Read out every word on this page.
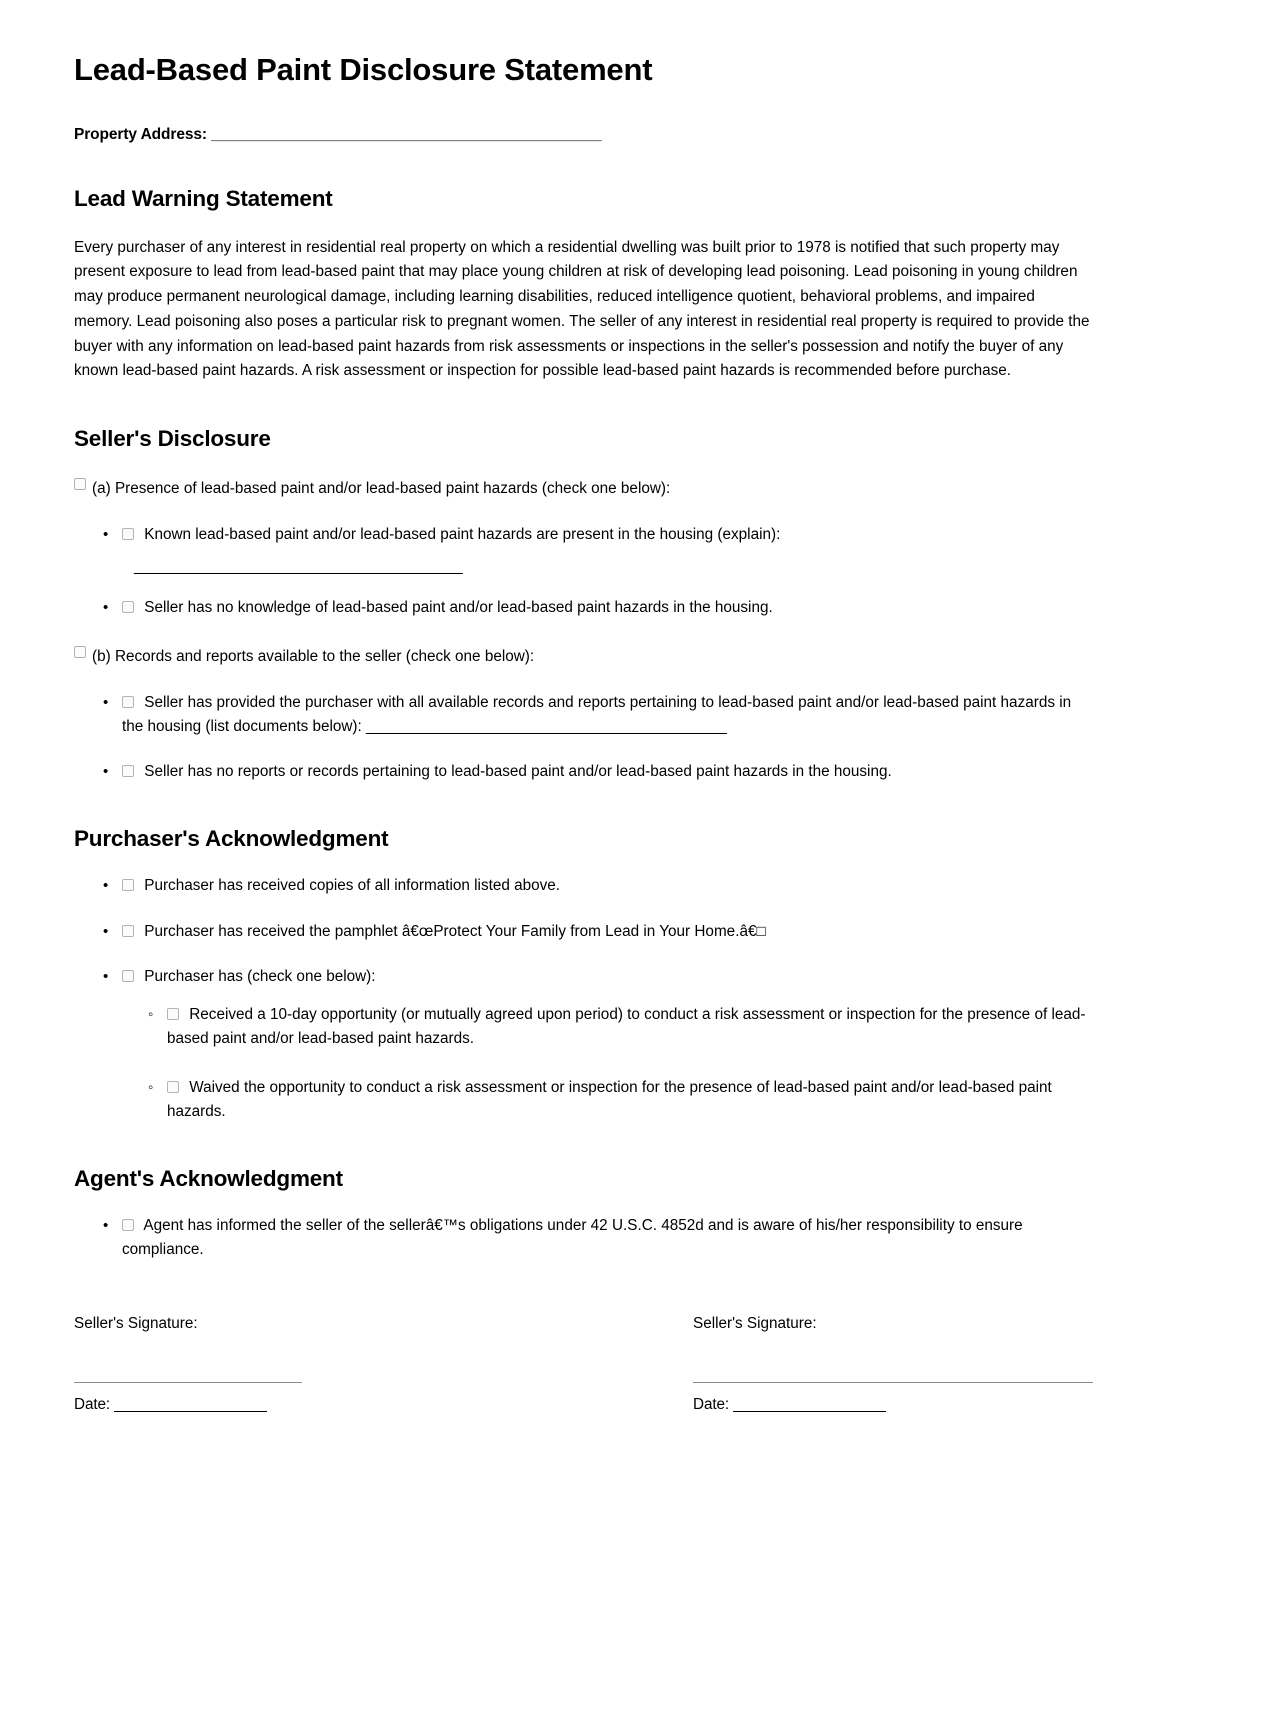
Lead-Based Paint Disclosure Statement
Property Address: ________________________________________________
Lead Warning Statement

Every purchaser of any interest in residential real property on which a residential dwelling was built prior to 1978 is notified that such property may present exposure to lead from lead-based paint that may place young children at risk of developing lead poisoning. Lead poisoning in young children may produce permanent neurological damage, including learning disabilities, reduced intelligence quotient, behavioral problems, and impaired memory. Lead poisoning also poses a particular risk to pregnant women. The seller of any interest in residential real property is required to provide the buyer with any information on lead-based paint hazards from risk assessments or inspections in the seller's possession and notify the buyer of any known lead-based paint hazards. A risk assessment or inspection for possible lead-based paint hazards is recommended before purchase.

Seller's Disclosure
(a) Presence of lead-based paint and/or lead-based paint hazards (check one below):
• Known lead-based paint and/or lead-based paint hazards are present in the housing (explain):
_________________________________________
• Seller has no knowledge of lead-based paint and/or lead-based paint hazards in the housing.
(b) Records and reports available to the seller (check one below):
• Seller has provided the purchaser with all available records and reports pertaining to lead-based paint and/or lead-based paint hazards in the housing (list documents below): _____________________________________________
• Seller has no reports or records pertaining to lead-based paint and/or lead-based paint hazards in the housing.
Purchaser's Acknowledgment
• Purchaser has received copies of all information listed above.
• Purchaser has received the pamphlet â€œProtect Your Family from Lead in Your Home.â€□
• Purchaser has (check one below):
◦ Received a 10-day opportunity (or mutually agreed upon period) to conduct a risk assessment or inspection for the presence of lead-based paint and/or lead-based paint hazards.
◦ Waived the opportunity to conduct a risk assessment or inspection for the presence of lead-based paint and/or lead-based paint hazards.
Agent's Acknowledgment
• Agent has informed the seller of the sellerâ€™s obligations under 42 U.S.C. 4852d and is aware of his/her responsibility to ensure compliance.
Seller's Signature:
Date: ___________________
Seller's Signature:
Date: ___________________
